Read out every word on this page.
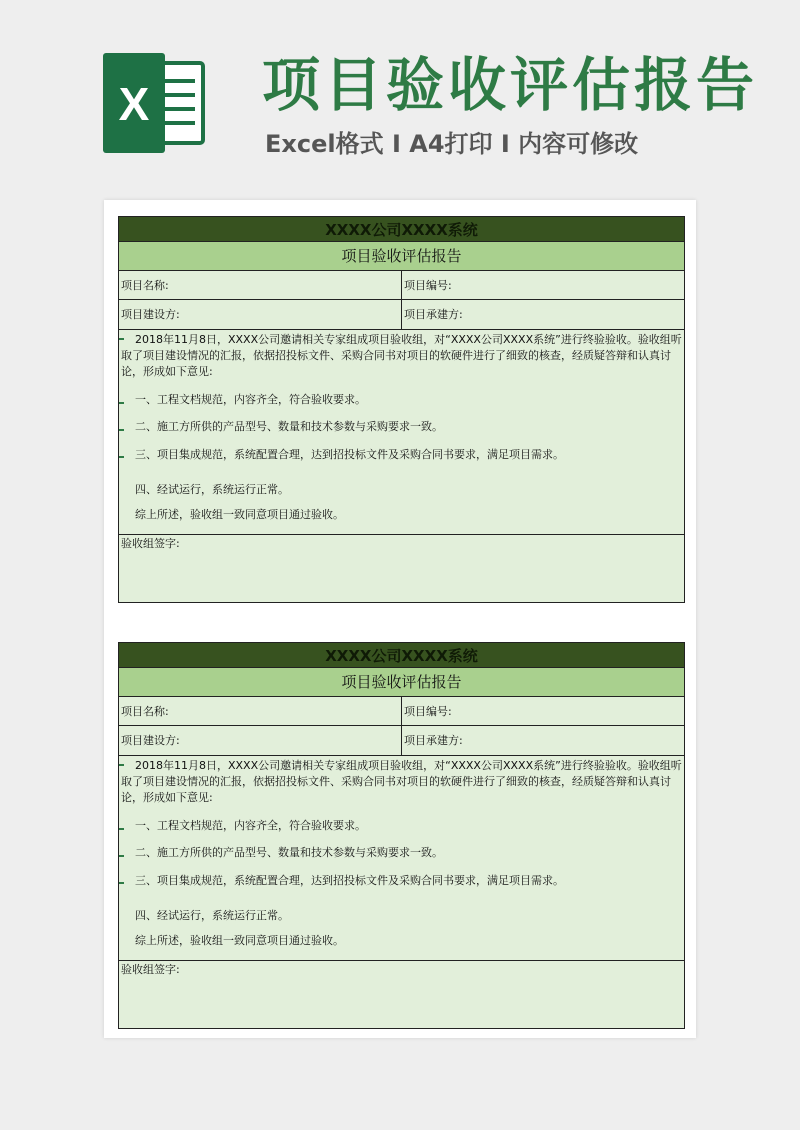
X 项目验收评估报告
Excel格式 I A4打印 I 内容可修改
XXXX公司XXXX系统
项目验收评估报告
项目名称:	项目编号:
项目建设方:	项目承建方:
2018年11月8日，XXXX公司邀请相关专家组成项目验收组，对“XXXX公司XXXX系统”进行终验验收。验收组听取了项目建设情况的汇报，依据招投标文件、采购合同书对项目的软硬件进行了细致的核查，经质疑答辩和认真讨论，形成如下意见:
一、工程文档规范，内容齐全，符合验收要求。
二、施工方所供的产品型号、数量和技术参数与采购要求一致。
三、项目集成规范，系统配置合理，达到招投标文件及采购合同书要求，满足项目需求。
四、经试运行，系统运行正常。
综上所述，验收组一致同意项目通过验收。
验收组签字:
XXXX公司XXXX系统
项目验收评估报告
项目名称:	项目编号:
项目建设方:	项目承建方:
2018年11月8日，XXXX公司邀请相关专家组成项目验收组，对“XXXX公司XXXX系统”进行终验验收。验收组听取了项目建设情况的汇报，依据招投标文件、采购合同书对项目的软硬件进行了细致的核查，经质疑答辩和认真讨论，形成如下意见:
一、工程文档规范，内容齐全，符合验收要求。
二、施工方所供的产品型号、数量和技术参数与采购要求一致。
三、项目集成规范，系统配置合理，达到招投标文件及采购合同书要求，满足项目需求。
四、经试运行，系统运行正常。
综上所述，验收组一致同意项目通过验收。
验收组签字:
